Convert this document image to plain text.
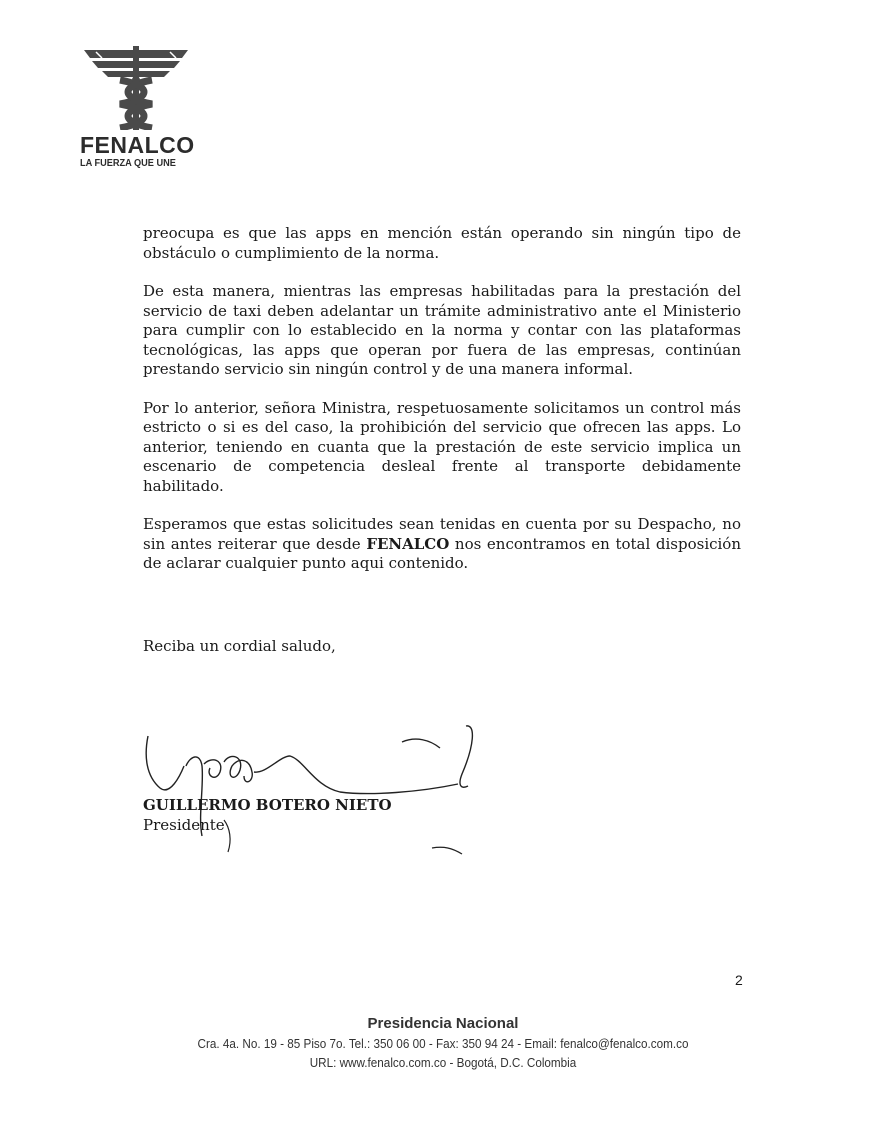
FENALCO
LA FUERZA QUE UNE

preocupa es que las apps en mención están operando sin ningún tipo de obstáculo o cumplimiento de la norma.

De esta manera, mientras las empresas habilitadas para la prestación del servicio de taxi deben adelantar un trámite administrativo ante el Ministerio para cumplir con lo establecido en la norma y contar con las plataformas tecnológicas, las apps que operan por fuera de las empresas, continúan prestando servicio sin ningún control y de una manera informal.

Por lo anterior, señora Ministra, respetuosamente solicitamos un control más estricto o si es del caso, la prohibición del servicio que ofrecen las apps. Lo anterior, teniendo en cuanta que la prestación de este servicio implica un escenario de competencia desleal frente al transporte debidamente habilitado.

Esperamos que estas solicitudes sean tenidas en cuenta por su Despacho, no sin antes reiterar que desde FENALCO nos encontramos en total disposición de aclarar cualquier punto aqui contenido.

Reciba un cordial saludo,
GUILLERMO BOTERO NIETO
Presidente
2
Presidencia Nacional
Cra. 4a. No. 19 - 85 Piso 7o. Tel.: 350 06 00 - Fax: 350 94 24 - Email: fenalco@fenalco.com.co
URL: www.fenalco.com.co - Bogotá, D.C. Colombia
